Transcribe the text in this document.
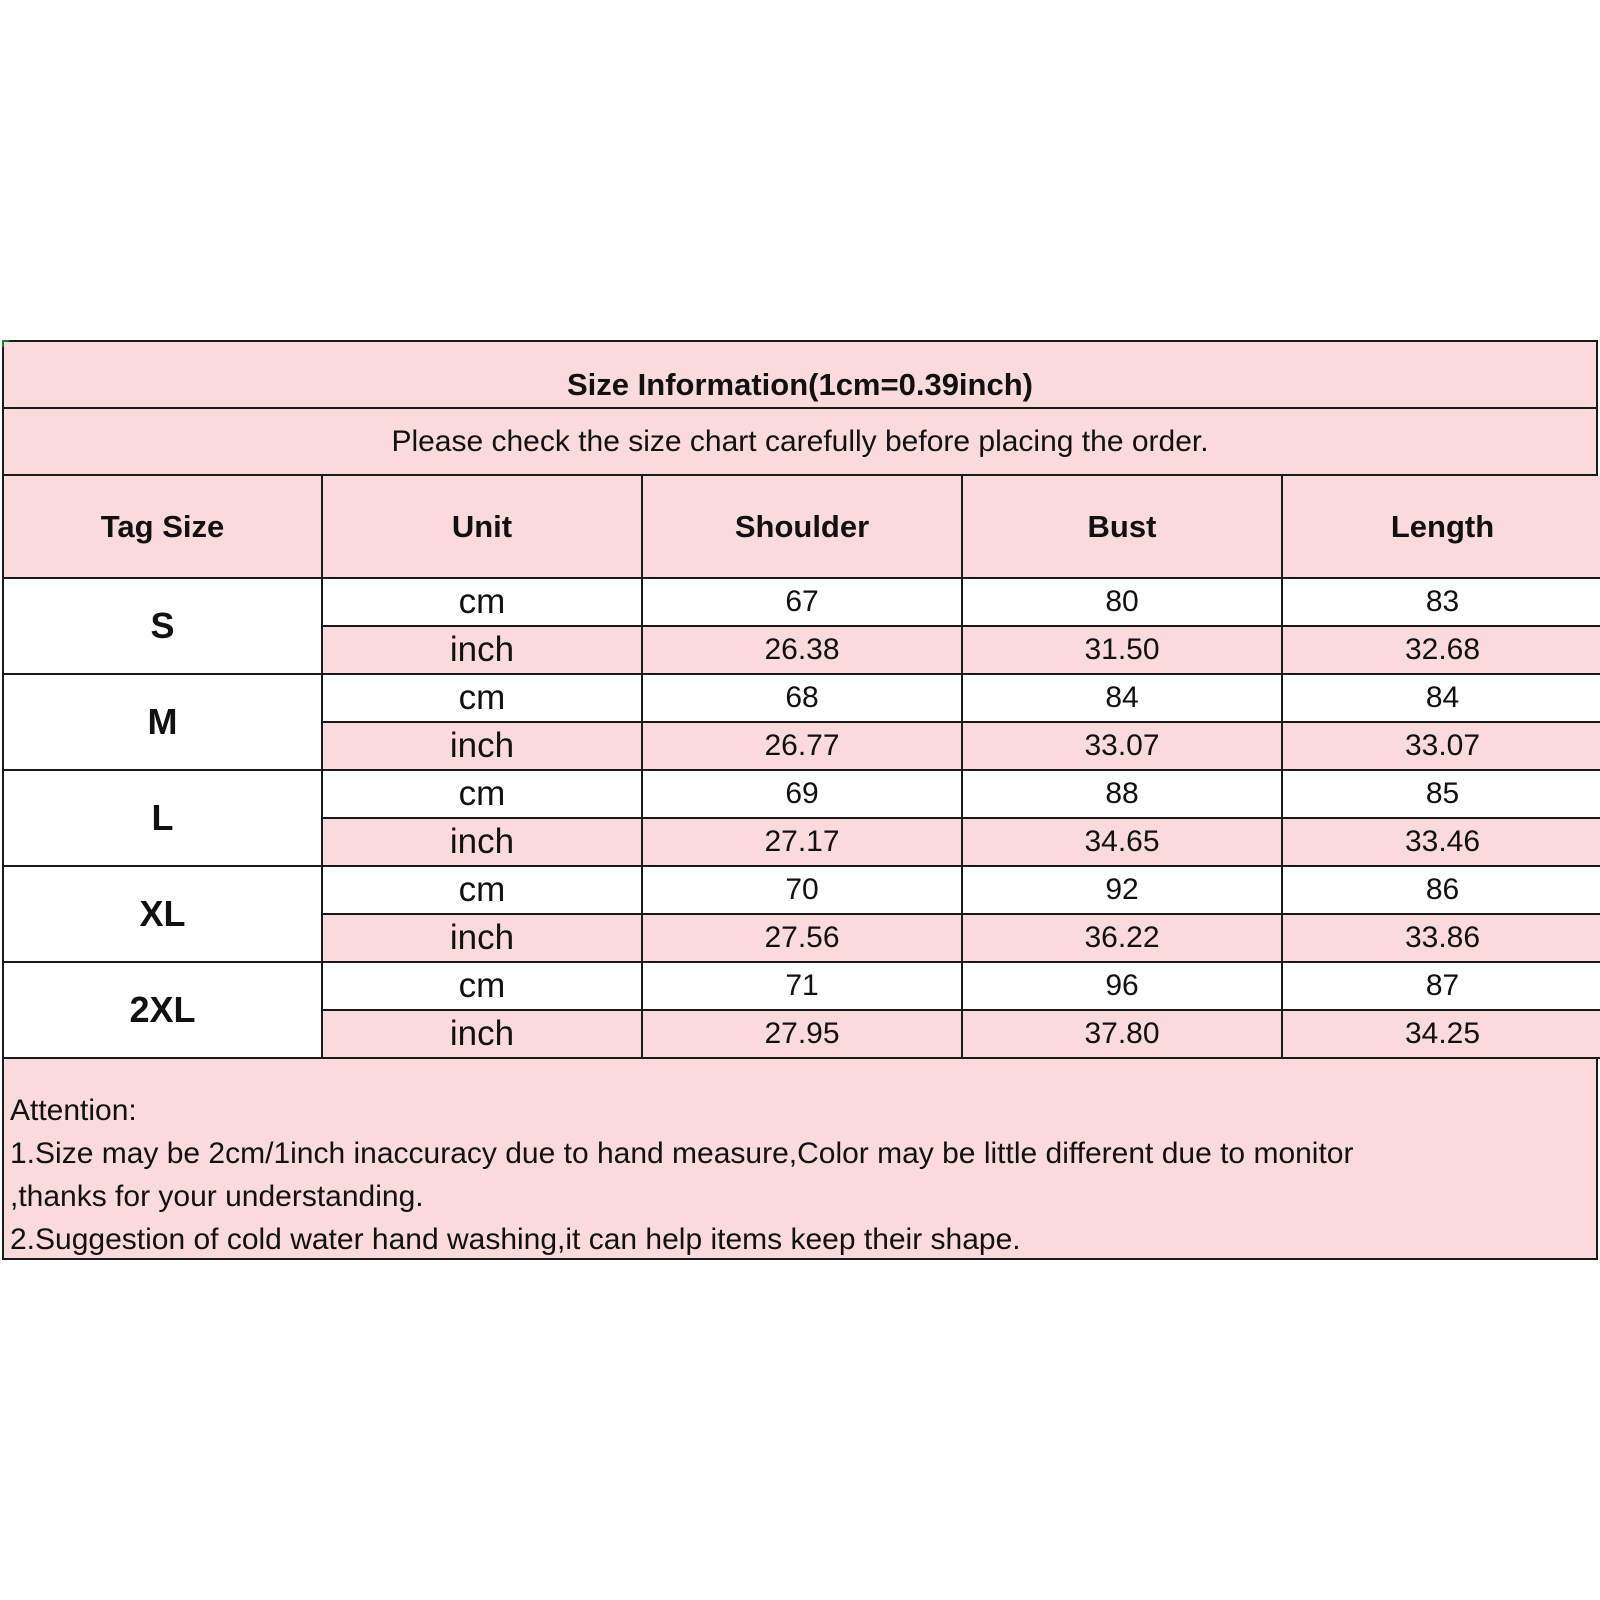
Size Information(1cm=0.39inch)
Please check the size chart carefully before placing the order.
Tag Size	Unit	Shoulder	Bust	Length
S	cm	67	80	83
	inch	26.38	31.50	32.68
M	cm	68	84	84
	inch	26.77	33.07	33.07
L	cm	69	88	85
	inch	27.17	34.65	33.46
XL	cm	70	92	86
	inch	27.56	36.22	33.86
2XL	cm	71	96	87
	inch	27.95	37.80	34.25
Attention:
1.Size may be 2cm/1inch inaccuracy due to hand measure,Color may be little different due to monitor
,thanks for your understanding.
2.Suggestion of cold water hand washing,it can help items keep their shape.
